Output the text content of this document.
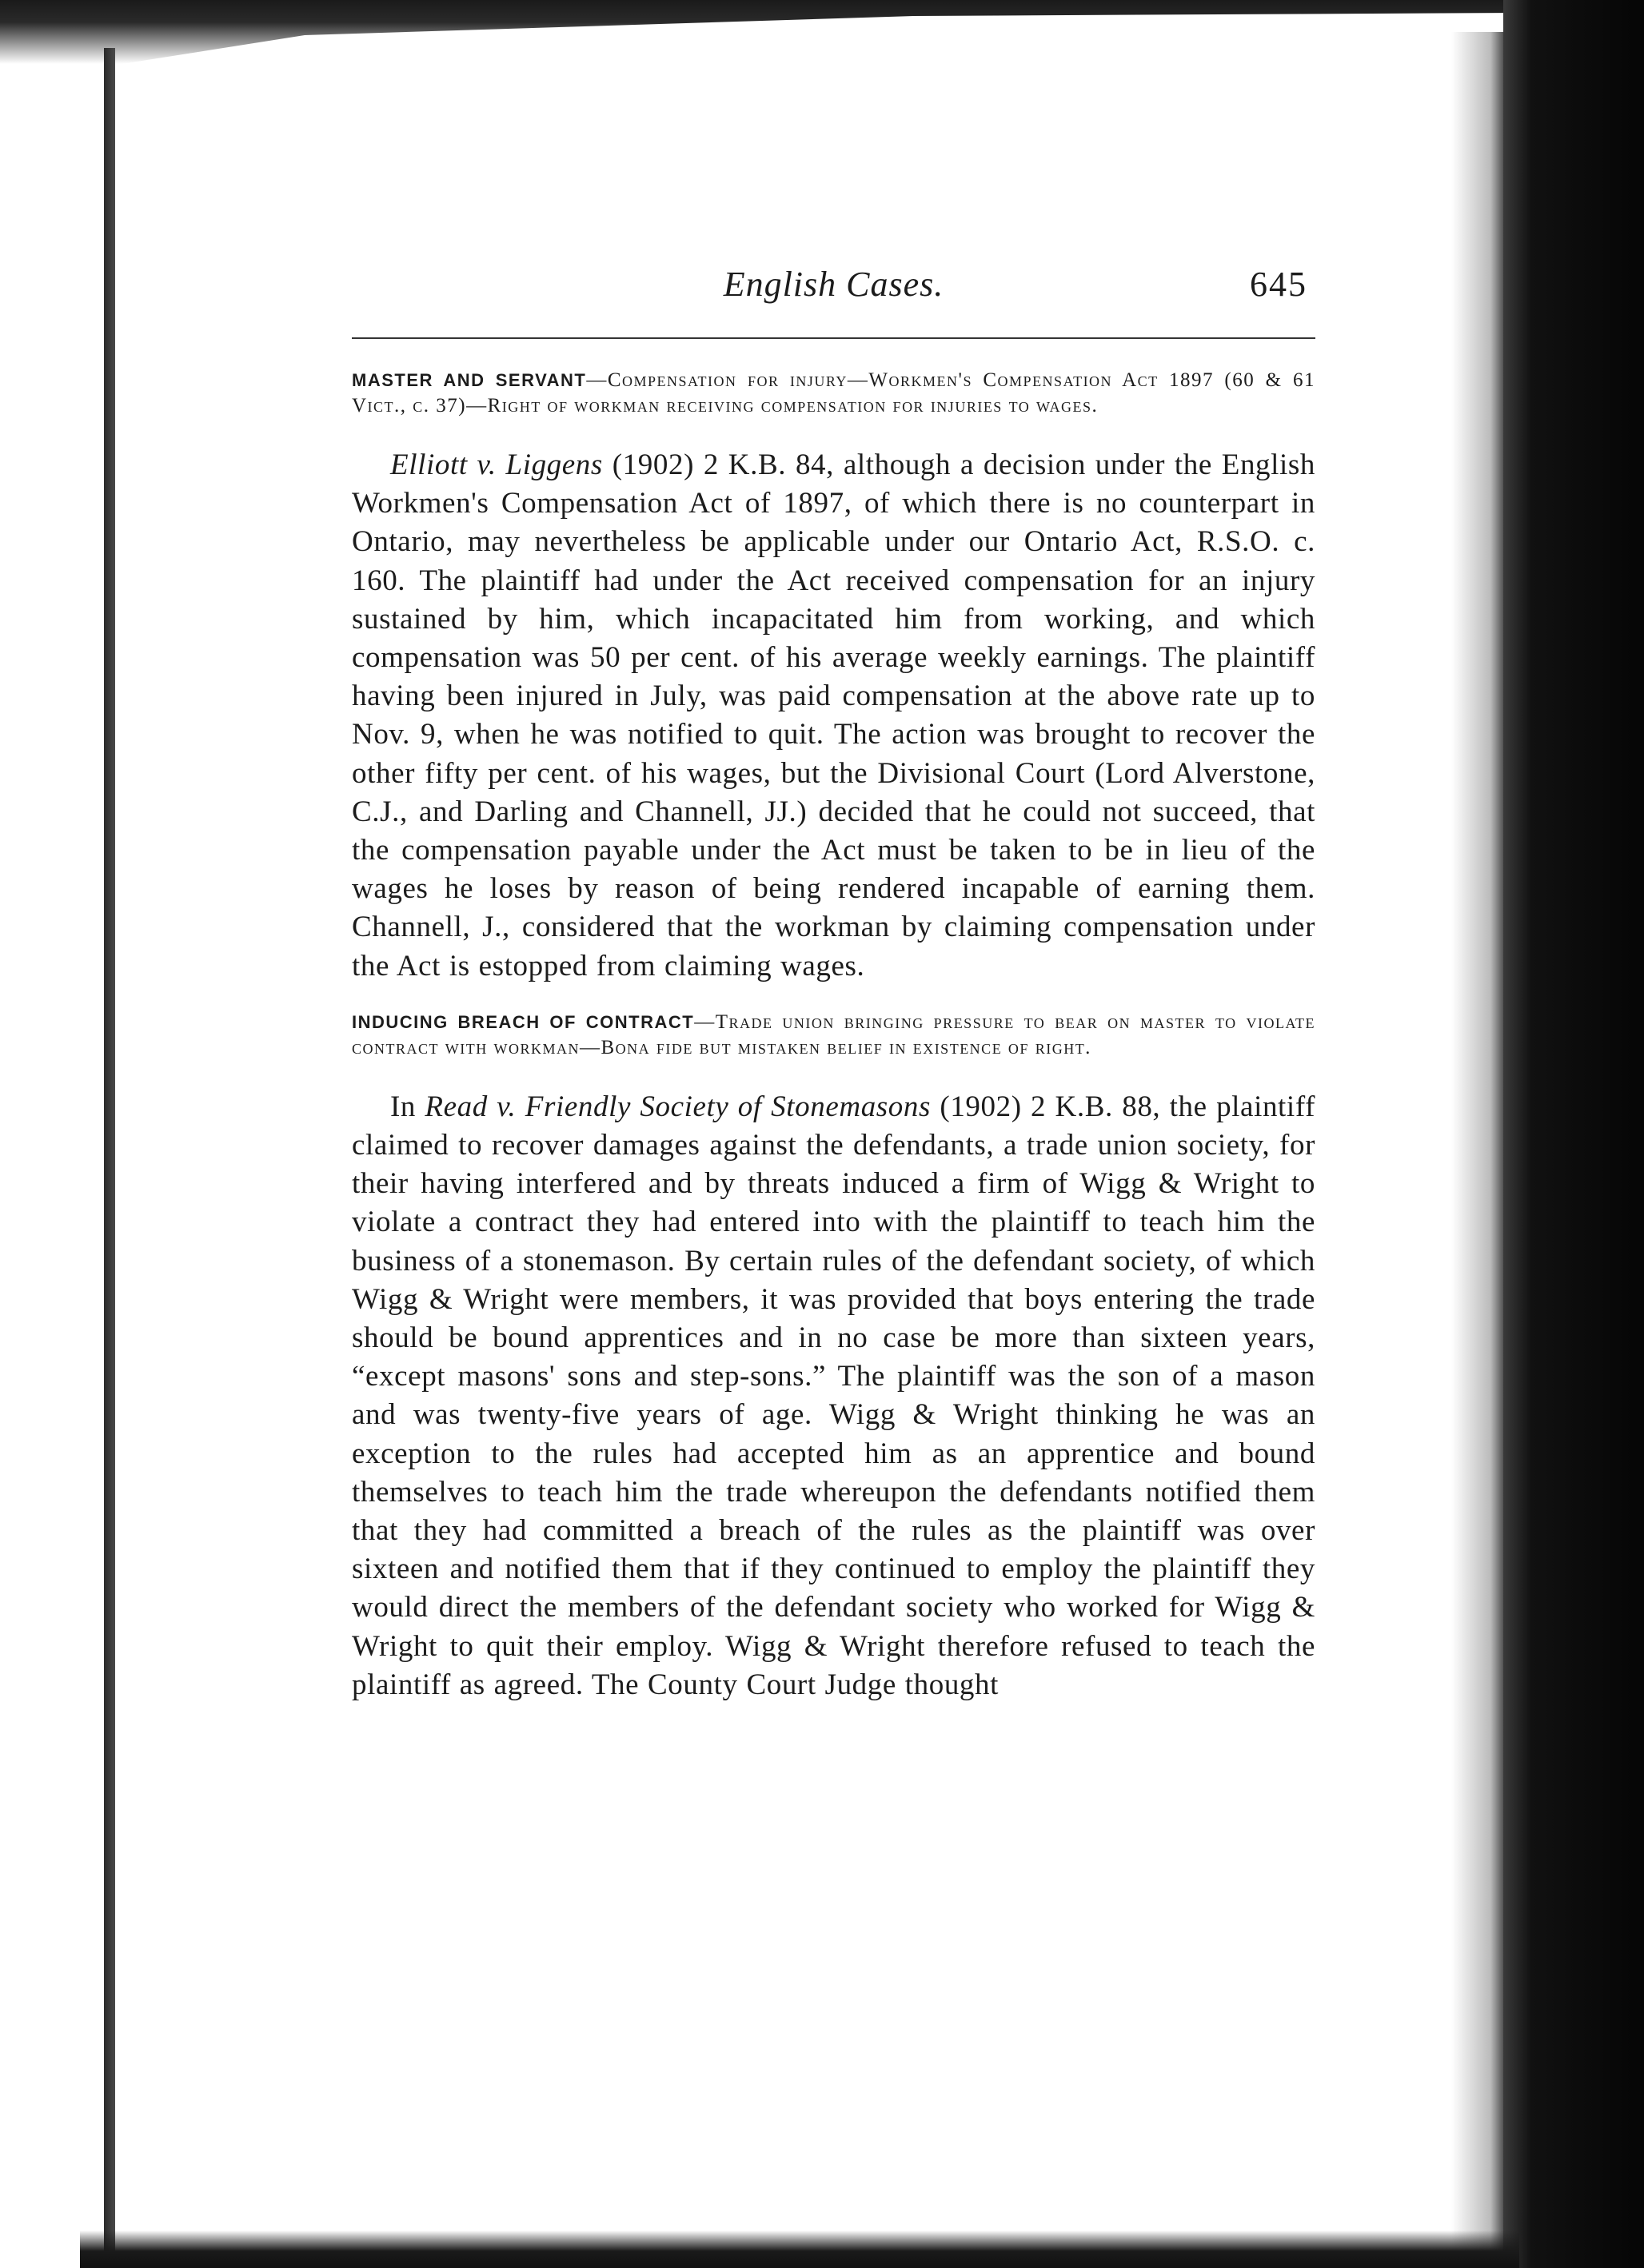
English Cases.	645
MASTER AND SERVANT—Compensation for injury—Workmen's Compensation Act 1897 (60 & 61 Vict., c. 37)—Right of workman receiving compensation for injuries to wages.

Elliott v. Liggens (1902) 2 K.B. 84, although a decision under the English Workmen's Compensation Act of 1897, of which there is no counterpart in Ontario, may nevertheless be applicable under our Ontario Act, R.S.O. c. 160. The plaintiff had under the Act received compensation for an injury sustained by him, which incapacitated him from working, and which compensation was 50 per cent. of his average weekly earnings. The plaintiff having been injured in July, was paid compensation at the above rate up to Nov. 9, when he was notified to quit. The action was brought to recover the other fifty per cent. of his wages, but the Divisional Court (Lord Alverstone, C.J., and Darling and Channell, JJ.) decided that he could not succeed, that the compensation payable under the Act must be taken to be in lieu of the wages he loses by reason of being rendered incapable of earning them. Channell, J., considered that the workman by claiming compensation under the Act is estopped from claiming wages.

INDUCING BREACH OF CONTRACT—Trade union bringing pressure to bear on master to violate contract with workman—Bona fide but mistaken belief in existence of right.

In Read v. Friendly Society of Stonemasons (1902) 2 K.B. 88, the plaintiff claimed to recover damages against the defendants, a trade union society, for their having interfered and by threats induced a firm of Wigg & Wright to violate a contract they had entered into with the plaintiff to teach him the business of a stonemason. By certain rules of the defendant society, of which Wigg & Wright were members, it was provided that boys entering the trade should be bound apprentices and in no case be more than sixteen years, “except masons' sons and step-sons.” The plaintiff was the son of a mason and was twenty-five years of age. Wigg & Wright thinking he was an exception to the rules had accepted him as an apprentice and bound themselves to teach him the trade whereupon the defendants notified them that they had committed a breach of the rules as the plaintiff was over sixteen and notified them that if they continued to employ the plaintiff they would direct the members of the defendant society who worked for Wigg & Wright to quit their employ. Wigg & Wright therefore refused to teach the plaintiff as agreed. The County Court Judge thought
